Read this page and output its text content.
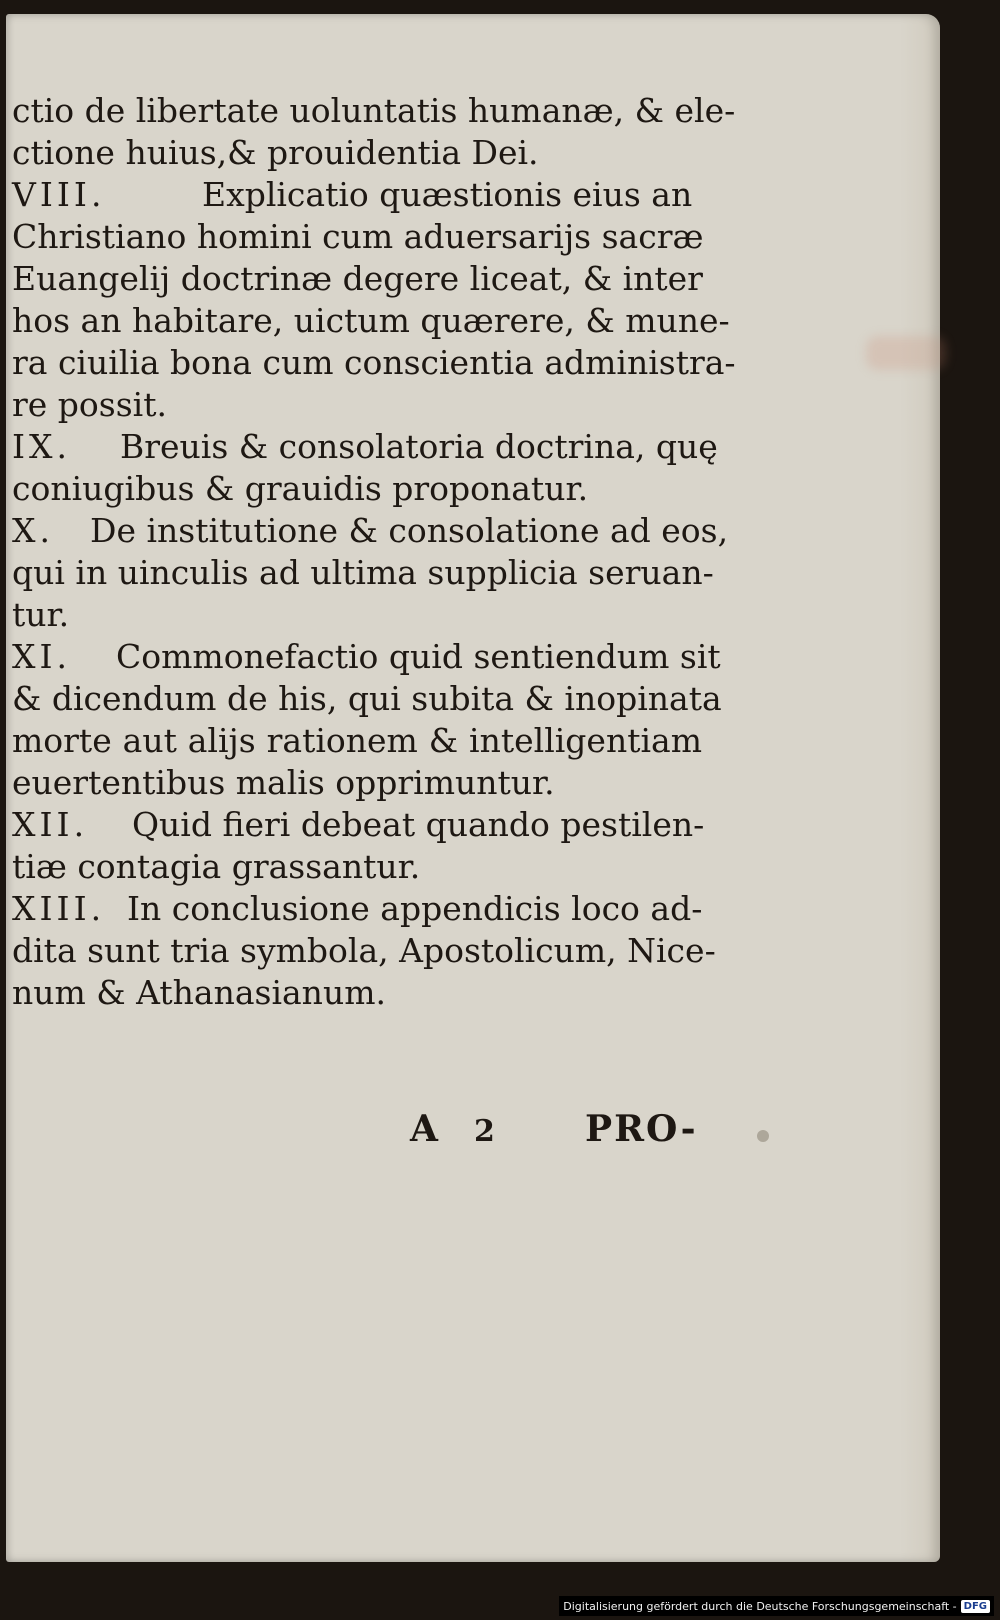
ctio de libertate uoluntatis humanæ, & ele-

ctione huius,& prouidentia Dei.

VIII.	Explicatio quæstionis eius an

Christiano homini cum aduersarijs sacræ

Euangelij doctrinæ degere liceat, & inter

hos an habitare, uictum quærere, & mune-

ra ciuilia bona cum conscientia administra-

re possit.

IX. Breuis & consolatoria doctrina, quę

coniugibus & grauidis proponatur.

X. De institutione & consolatione ad eos,

qui in uinculis ad ultima supplicia seruan-

tur.

XI. Commonefactio quid sentiendum sit

& dicendum de his, qui subita & inopinata

morte aut alijs rationem & intelligentiam

euertentibus malis opprimuntur.

XII. Quid fieri debeat quando pestilen-

tiæ contagia grassantur.

XIII. In conclusione appendicis loco ad-

dita sunt tria symbola, Apostolicum, Nice-

num & Athanasianum.

A 2	PRO-
Digitalisierung gefördert durch die Deutsche Forschungsgemeinschaft - DFG
